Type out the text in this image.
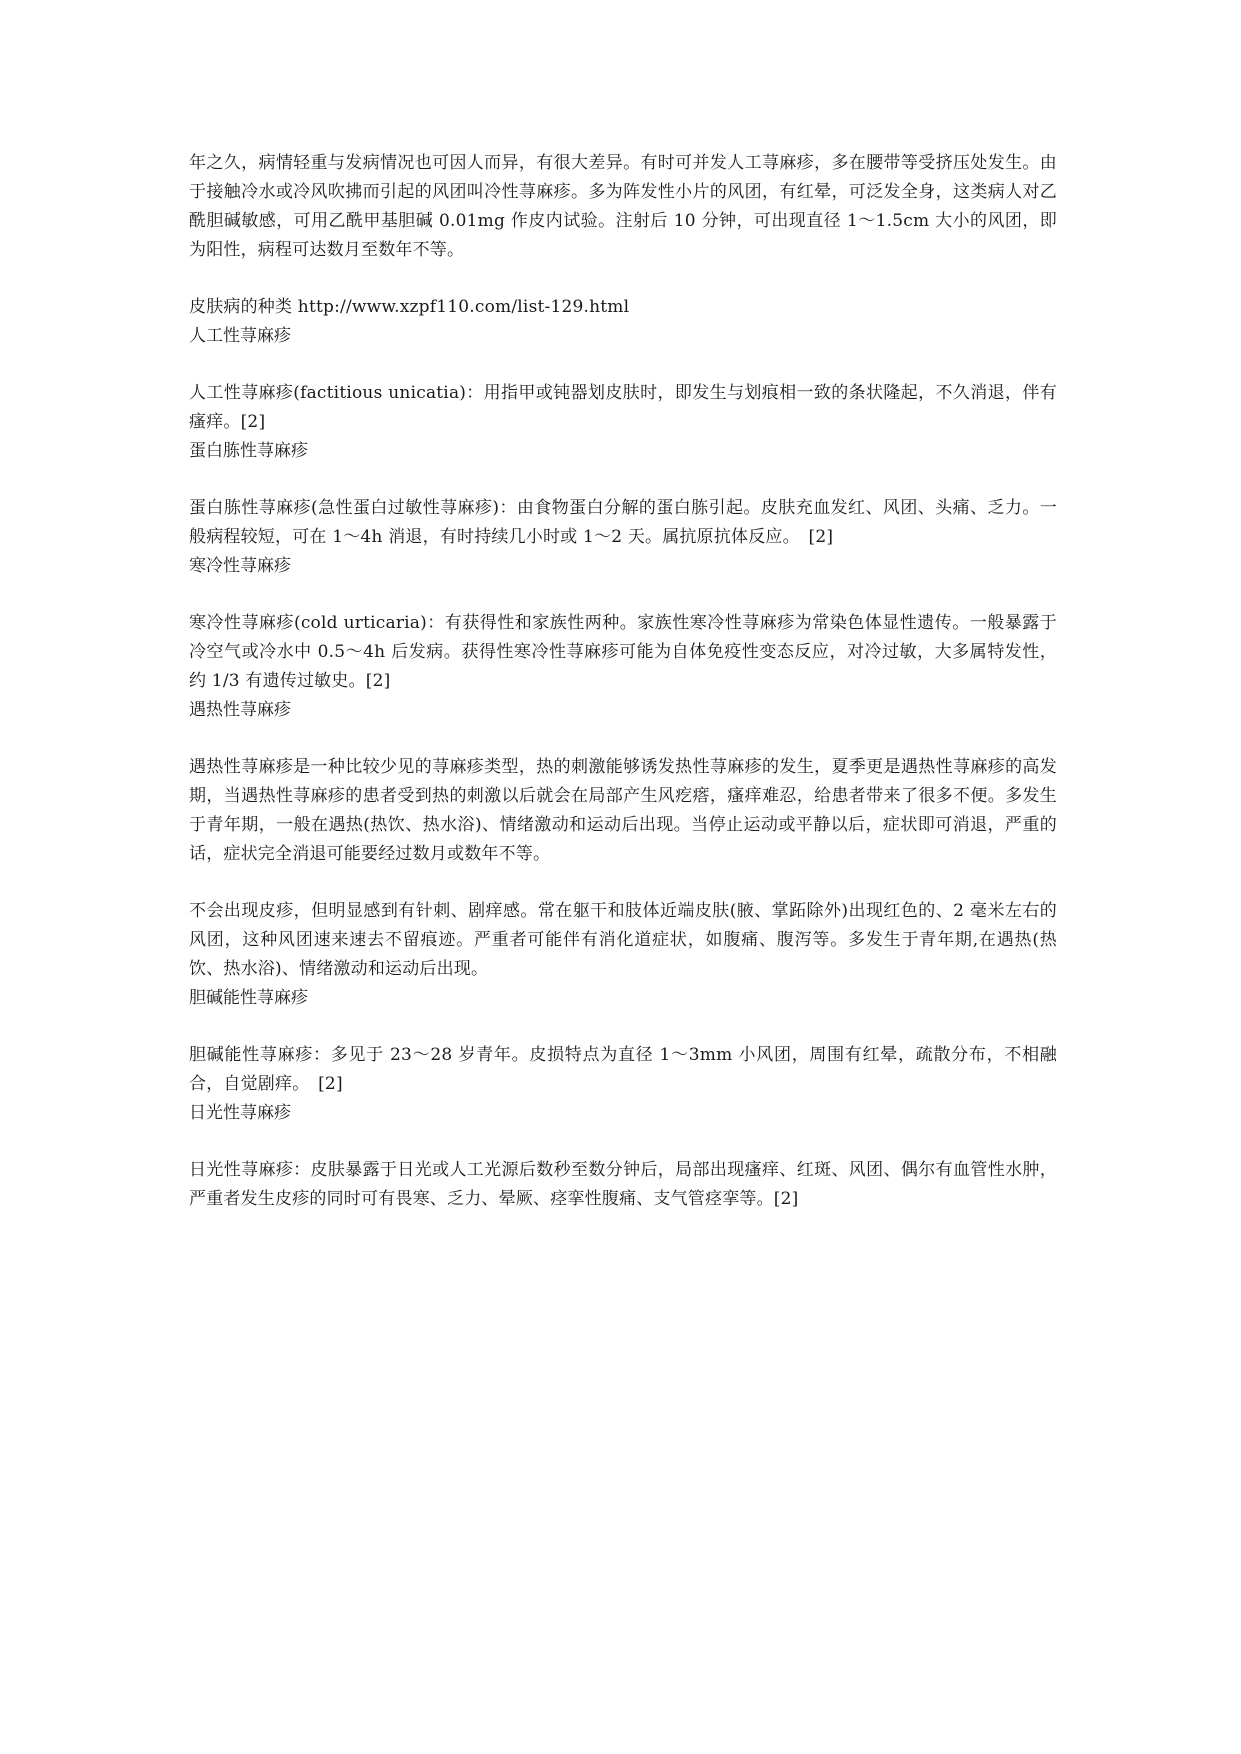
年之久，病情轻重与发病情况也可因人而异，有很大差异。有时可并发人工荨麻疹，多在腰带等受挤压处发生。由于接触冷水或冷风吹拂而引起的风团叫冷性荨麻疹。多为阵发性小片的风团，有红晕，可泛发全身，这类病人对乙酰胆碱敏感，可用乙酰甲基胆碱 0.01mg 作皮内试验。注射后 10 分钟，可出现直径 1～1.5cm 大小的风团，即为阳性，病程可达数月至数年不等。

皮肤病的种类 http://www.xzpf110.com/list-129.html

人工性荨麻疹

人工性荨麻疹(factitious unicatia)：用指甲或钝器划皮肤时，即发生与划痕相一致的条状隆起，不久消退，伴有瘙痒。[2]

蛋白胨性荨麻疹

蛋白胨性荨麻疹(急性蛋白过敏性荨麻疹)：由食物蛋白分解的蛋白胨引起。皮肤充血发红、风团、头痛、乏力。一般病程较短，可在 1～4h 消退，有时持续几小时或 1～2 天。属抗原抗体反应。　[2]

寒冷性荨麻疹

寒冷性荨麻疹(cold urticaria)：有获得性和家族性两种。家族性寒冷性荨麻疹为常染色体显性遗传。一般暴露于冷空气或冷水中 0.5～4h 后发病。获得性寒冷性荨麻疹可能为自体免疫性变态反应，对冷过敏，大多属特发性，约 1/3 有遗传过敏史。[2]

遇热性荨麻疹

遇热性荨麻疹是一种比较少见的荨麻疹类型，热的刺激能够诱发热性荨麻疹的发生，夏季更是遇热性荨麻疹的高发期，当遇热性荨麻疹的患者受到热的刺激以后就会在局部产生风疙瘩，瘙痒难忍，给患者带来了很多不便。多发生于青年期，一般在遇热(热饮、热水浴)、情绪激动和运动后出现。当停止运动或平静以后，症状即可消退，严重的话，症状完全消退可能要经过数月或数年不等。

不会出现皮疹，但明显感到有针刺、剧痒感。常在躯干和肢体近端皮肤(腋、掌跖除外)出现红色的、2 毫米左右的风团，这种风团速来速去不留痕迹。严重者可能伴有消化道症状，如腹痛、腹泻等。多发生于青年期,在遇热(热饮、热水浴)、情绪激动和运动后出现。

胆碱能性荨麻疹

胆碱能性荨麻疹：多见于 23～28 岁青年。皮损特点为直径 1～3mm 小风团，周围有红晕，疏散分布，不相融合，自觉剧痒。　[2]

日光性荨麻疹

日光性荨麻疹：皮肤暴露于日光或人工光源后数秒至数分钟后，局部出现瘙痒、红斑、风团、偶尔有血管性水肿，严重者发生皮疹的同时可有畏寒、乏力、晕厥、痉挛性腹痛、支气管痉挛等。[2]
